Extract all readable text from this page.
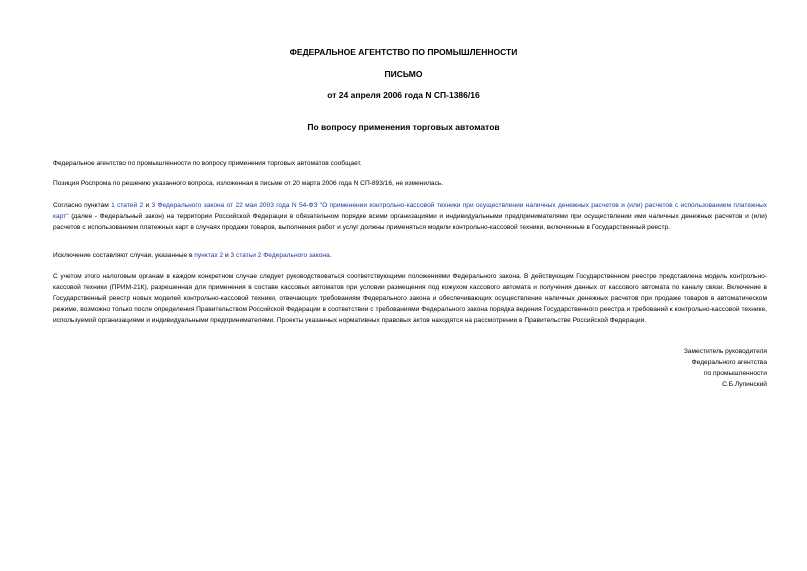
ФЕДЕРАЛЬНОЕ АГЕНТСТВО ПО ПРОМЫШЛЕННОСТИ
ПИСЬМО
от 24 апреля 2006 года N СП-1386/16
По вопросу применения торговых автоматов

Федеральное агентство по промышленности по вопросу применения торговых автоматов сообщает.

Позиция Роспрома по решению указанного вопроса, изложенная в письме от 20 марта 2006 года N СП-893/16, не изменилась.

Согласно пунктам 1 статей 2 и 3 Федерального закона от 22 мая 2003 года N 54-ФЗ "О применении контрольно-кассовой техники при осуществлении наличных денежных расчетов и (или) расчетов с использованием платежных карт" (далее - Федеральный закон) на территории Российской Федерации в обязательном порядке всеми организациями и индивидуальными предпринимателями при осуществлении ими наличных денежных расчетов и (или) расчетов с использованием платежных карт в случаях продажи товаров, выполнения работ и услуг должны применяться модели контрольно-кассовой техники, включенные в Государственный реестр.

Исключение составляют случаи, указанные в пунктах 2 и 3 статьи 2 Федерального закона.

С учетом этого налоговым органам в каждом конкретном случае следует руководствоваться соответствующими положениями Федерального закона. В действующем Государственном реестре представлена модель контрольно-кассовой техники (ПРИМ-21К), разрешенная для применения в составе кассовых автоматов при условии размещения под кожухом кассового автомата и получения данных от кассового автомата по каналу связи. Включение в Государственный реестр новых моделей контрольно-кассовой техники, отвечающих требованиям Федерального закона и обеспечивающих осуществление наличных денежных расчетов при продаже товаров в автоматическом режиме, возможно только после определения Правительством Российской Федерации в соответствии с требованиями Федерального закона порядка ведения Государственного реестра и требований к контрольно-кассовой технике, используемой организациями и индивидуальными предпринимателями. Проекты указанных нормативных правовых актов находятся на рассмотрении в Правительстве Российской Федерации.

Заместитель руководителя
Федерального агентства
по промышленности
С.Б.Лупинский
